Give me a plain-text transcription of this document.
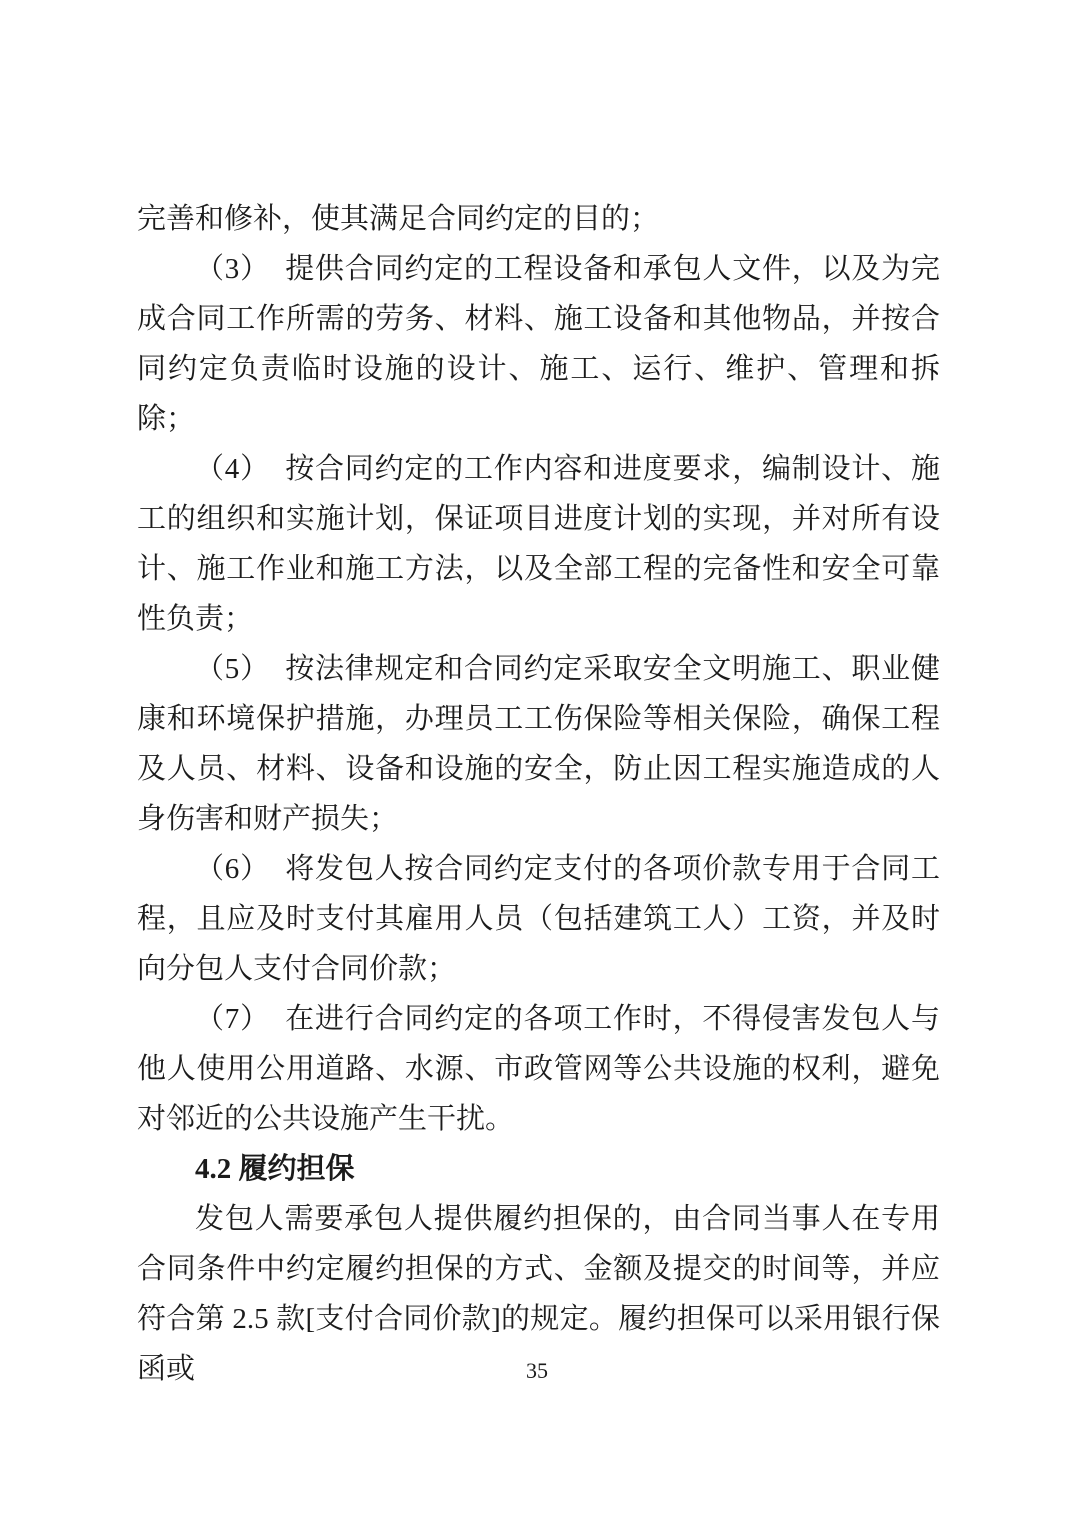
完善和修补，使其满足合同约定的目的；

（3）　提供合同约定的工程设备和承包人文件，以及为完成合同工作所需的劳务、材料、施工设备和其他物品，并按合同约定负责临时设施的设计、施工、运行、维护、管理和拆除；

（4）　按合同约定的工作内容和进度要求，编制设计、施工的组织和实施计划，保证项目进度计划的实现，并对所有设计、施工作业和施工方法，以及全部工程的完备性和安全可靠性负责；

（5）　按法律规定和合同约定采取安全文明施工、职业健康和环境保护措施，办理员工工伤保险等相关保险，确保工程及人员、材料、设备和设施的安全，防止因工程实施造成的人身伤害和财产损失；

（6）　将发包人按合同约定支付的各项价款专用于合同工程，且应及时支付其雇用人员（包括建筑工人）工资，并及时向分包人支付合同价款；

（7）　在进行合同约定的各项工作时，不得侵害发包人与他人使用公用道路、水源、市政管网等公共设施的权利，避免对邻近的公共设施产生干扰。

4.2 履约担保

发包人需要承包人提供履约担保的，由合同当事人在专用合同条件中约定履约担保的方式、金额及提交的时间等，并应符合第 2.5 款[支付合同价款]的规定。履约担保可以采用银行保函或	35
